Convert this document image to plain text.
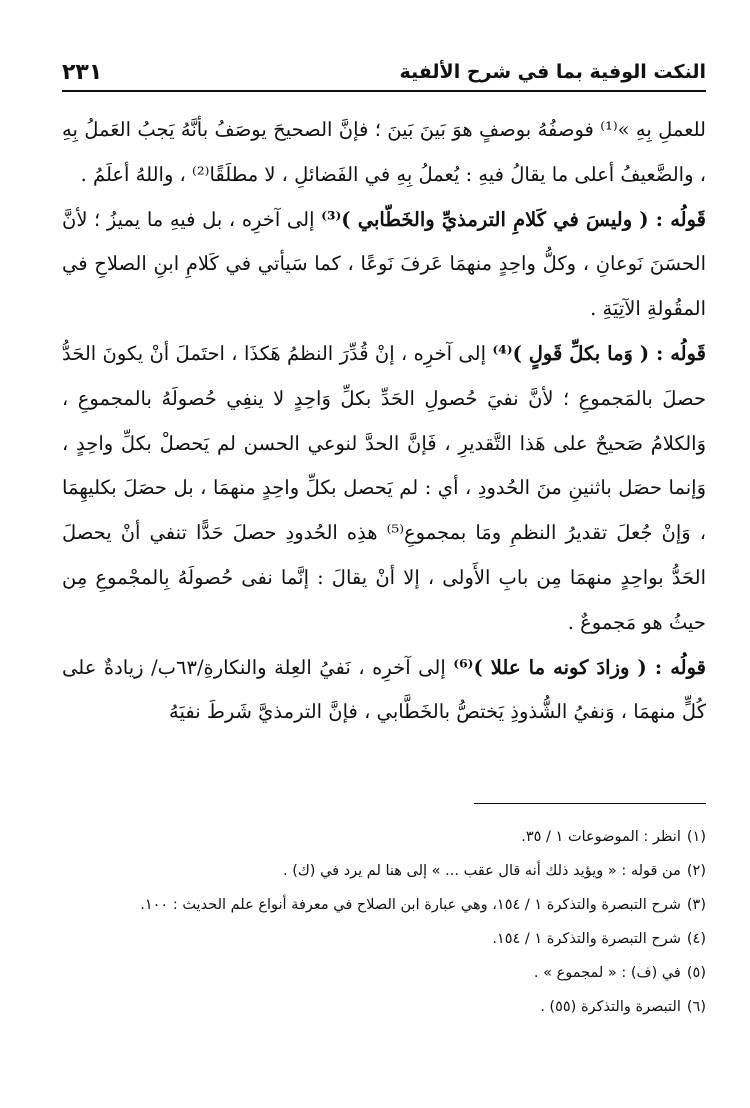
النكت الوفية بما في شرح الألفية
٢٣١

للعملِ بِهِ »⁽¹⁾ فوصفُهُ بوصفٍ هوَ بَينَ بَينَ ؛ فإنَّ الصحيحَ يوصَفُ بأنَّهُ يَجبُ العَملُ بِهِ ، والضَّعيفُ أعلى ما يقالُ فيهِ : يُعملُ بِهِ في الفَضائلِ ، لا مطلَقًا⁽²⁾ ، واللهُ أعلَمُ .

قَولُه : ( وليسَ في كَلامِ الترمذيِّ والخَطّابي )⁽³⁾ إلى آخرِه ، بل فيهِ ما يميزُ ؛ لأنَّ الحسَنَ نَوعانِ ، وكلُّ واحِدٍ منهمَا عَرفَ نَوعًا ، كما سَيأتي في كَلامِ ابنِ الصلاحِ في المقُولةِ الآتِيَةِ .

قَولُه : ( وَما بكلِّ قَولٍ )⁽⁴⁾ إلى آخرِه ، إنْ قُدِّرَ النظمُ هَكذَا ، احتَملَ أنْ يكونَ الحَدُّ حصلَ بالمَجموعِ ؛ لأنَّ نفيَ حُصولِ الحَدِّ بكلِّ وَاحِدٍ لا ينفِي حُصولَهُ بالمجموعِ ، وَالكلامُ صَحيحٌ على هَذا التَّقديرِ ، فَإنَّ الحدَّ لنوعي الحسن لم يَحصلْ بكلِّ واحِدٍ ، وَإنما حصَل باثنينِ منَ الحُدودِ ، أي : لم يَحصل بكلِّ واحِدٍ منهمَا ، بل حصَلَ بكليهِمَا ، وَإنْ جُعلَ تقديرُ النظمِ ومَا بمجموعِ⁽⁵⁾ هذِه الحُدودِ حصلَ حَدًّا تنفي أنْ يحصلَ الحَدُّ بواحِدٍ منهمَا مِن بابِ الأَولى ، إلا أنْ يقالَ : إنَّما نفى حُصولَهُ بِالمجْموعِ مِن حيثُ هو مَجموعٌ .

قولُه : ( وزادَ كونه ما عللا )⁽⁶⁾ إلى آخرِه ، نَفيُ العِلة والنكارةِ/٦٣ب/ زيادةٌ على كُلٍّ منهمَا ، وَنفيُ الشُّذوذِ يَختصُّ بالخَطَّابي ، فإنَّ الترمذيَّ شَرطَ نفيَهُ

(١)انظر : الموضوعات ١ / ٣٥.
(٢)من قوله : « ويؤيد ذلك أنه قال عقب ... » إلى هنا لم يرد في (ك) .
(٣)شرح التبصرة والتذكرة ١ / ١٥٤، وهي عبارة ابن الصلاح في معرفة أنواع علم الحديث : ١٠٠.
(٤)شرح التبصرة والتذكرة ١ / ١٥٤.
(٥)في (ف) : « لمجموع » .
(٦)التبصرة والتذكرة (٥٥) .
